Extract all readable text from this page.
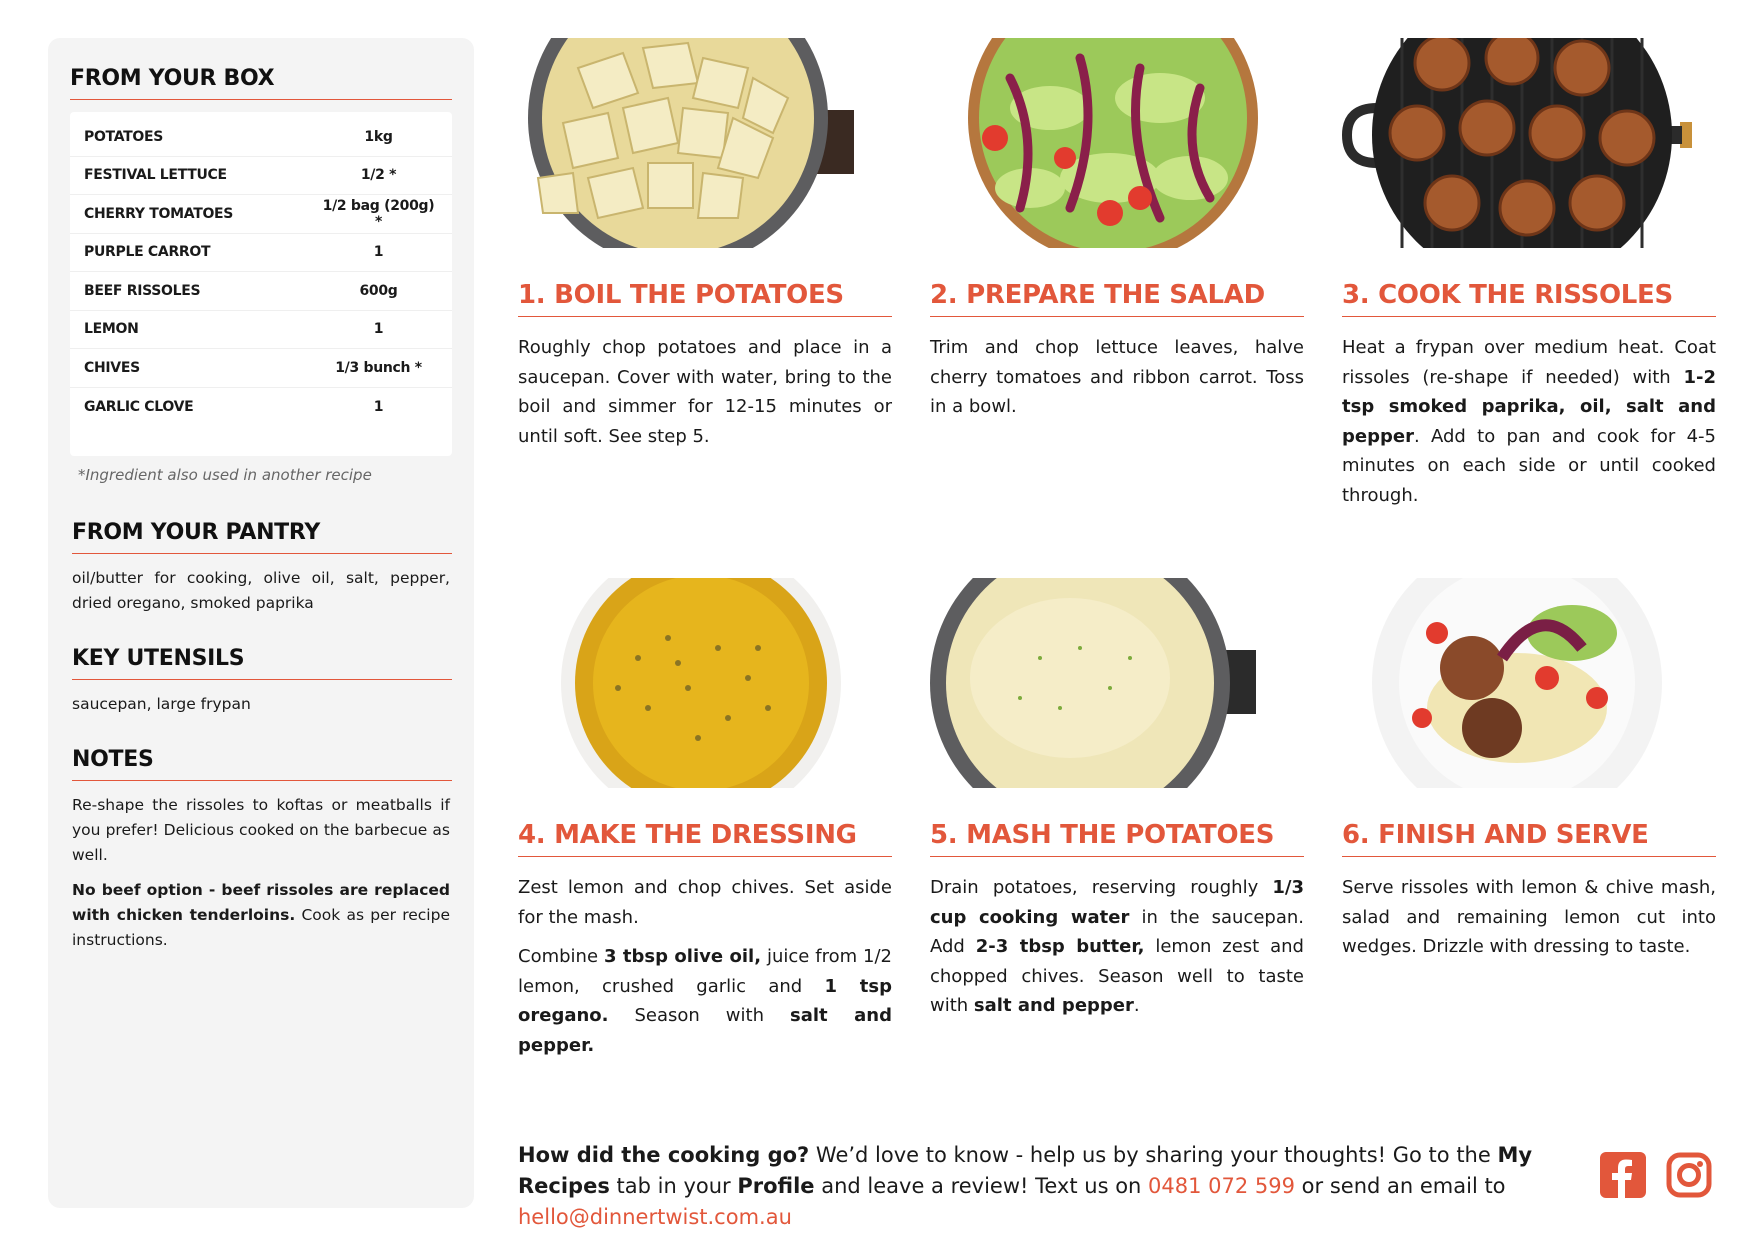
FROM YOUR BOX
POTATOES	1kg
FESTIVAL LETTUCE	1/2 *
CHERRY TOMATOES	1/2 bag (200g) *
PURPLE CARROT	1
BEEF RISSOLES	600g
LEMON	1
CHIVES	1/3 bunch *
GARLIC CLOVE	1
*Ingredient also used in another recipe
FROM YOUR PANTRY
oil/butter for cooking, olive oil, salt, pepper, dried oregano, smoked paprika
KEY UTENSILS
saucepan, large frypan
NOTES

Re-shape the rissoles to koftas or meatballs if you prefer! Delicious cooked on the barbecue as well.

No beef option - beef rissoles are replaced with chicken tenderloins. Cook as per recipe instructions.

1. BOIL THE POTATOES

Roughly chop potatoes and place in a saucepan. Cover with water, bring to the boil and simmer for 12-15 minutes or until soft. See step 5.

2. PREPARE THE SALAD

Trim and chop lettuce leaves, halve cherry tomatoes and ribbon carrot. Toss in a bowl.

3. COOK THE RISSOLES

Heat a frypan over medium heat. Coat rissoles (re-shape if needed) with 1-2 tsp smoked paprika, oil, salt and pepper. Add to pan and cook for 4-5 minutes on each side or until cooked through.

4. MAKE THE DRESSING

Zest lemon and chop chives. Set aside for the mash.

Combine 3 tbsp olive oil, juice from 1/2 lemon, crushed garlic and 1 tsp oregano. Season with salt and pepper.

5. MASH THE POTATOES

Drain potatoes, reserving roughly 1/3 cup cooking water in the saucepan. Add 2-3 tbsp butter, lemon zest and chopped chives. Season well to taste with salt and pepper.

6. FINISH AND SERVE

Serve rissoles with lemon & chive mash, salad and remaining lemon cut into wedges. Drizzle with dressing to taste.

How did the cooking go? We’d love to know - help us by sharing your thoughts! Go to the My Recipes tab in your Profile and leave a review! Text us on 0481 072 599 or send an email to hello@dinnertwist.com.au
